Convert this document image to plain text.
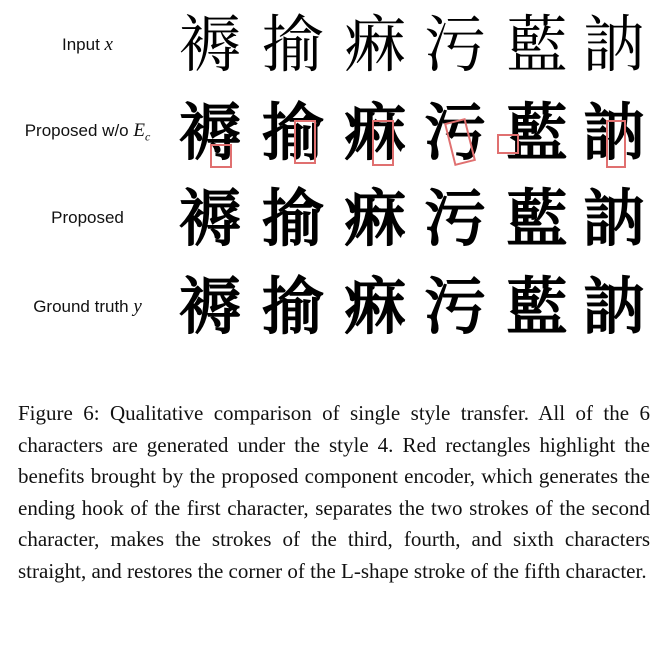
Input x	褥 揄 痳 污 藍 訥
Proposed w/o $E_c$ 褥 揄 痳 污 藍 訥
Proposed 褥 揄 痳 污 藍 訥
Ground truth y 褥 揄 痳 污 藍 訥

Figure 6: Qualitative comparison of single style transfer. All of the 6 characters are generated under the style 4. Red rectangles highlight the benefits brought by the proposed component encoder, which generates the ending hook of the first character, separates the two strokes of the second character, makes the strokes of the third, fourth, and sixth characters straight, and restores the corner of the L-shape stroke of the fifth character.
